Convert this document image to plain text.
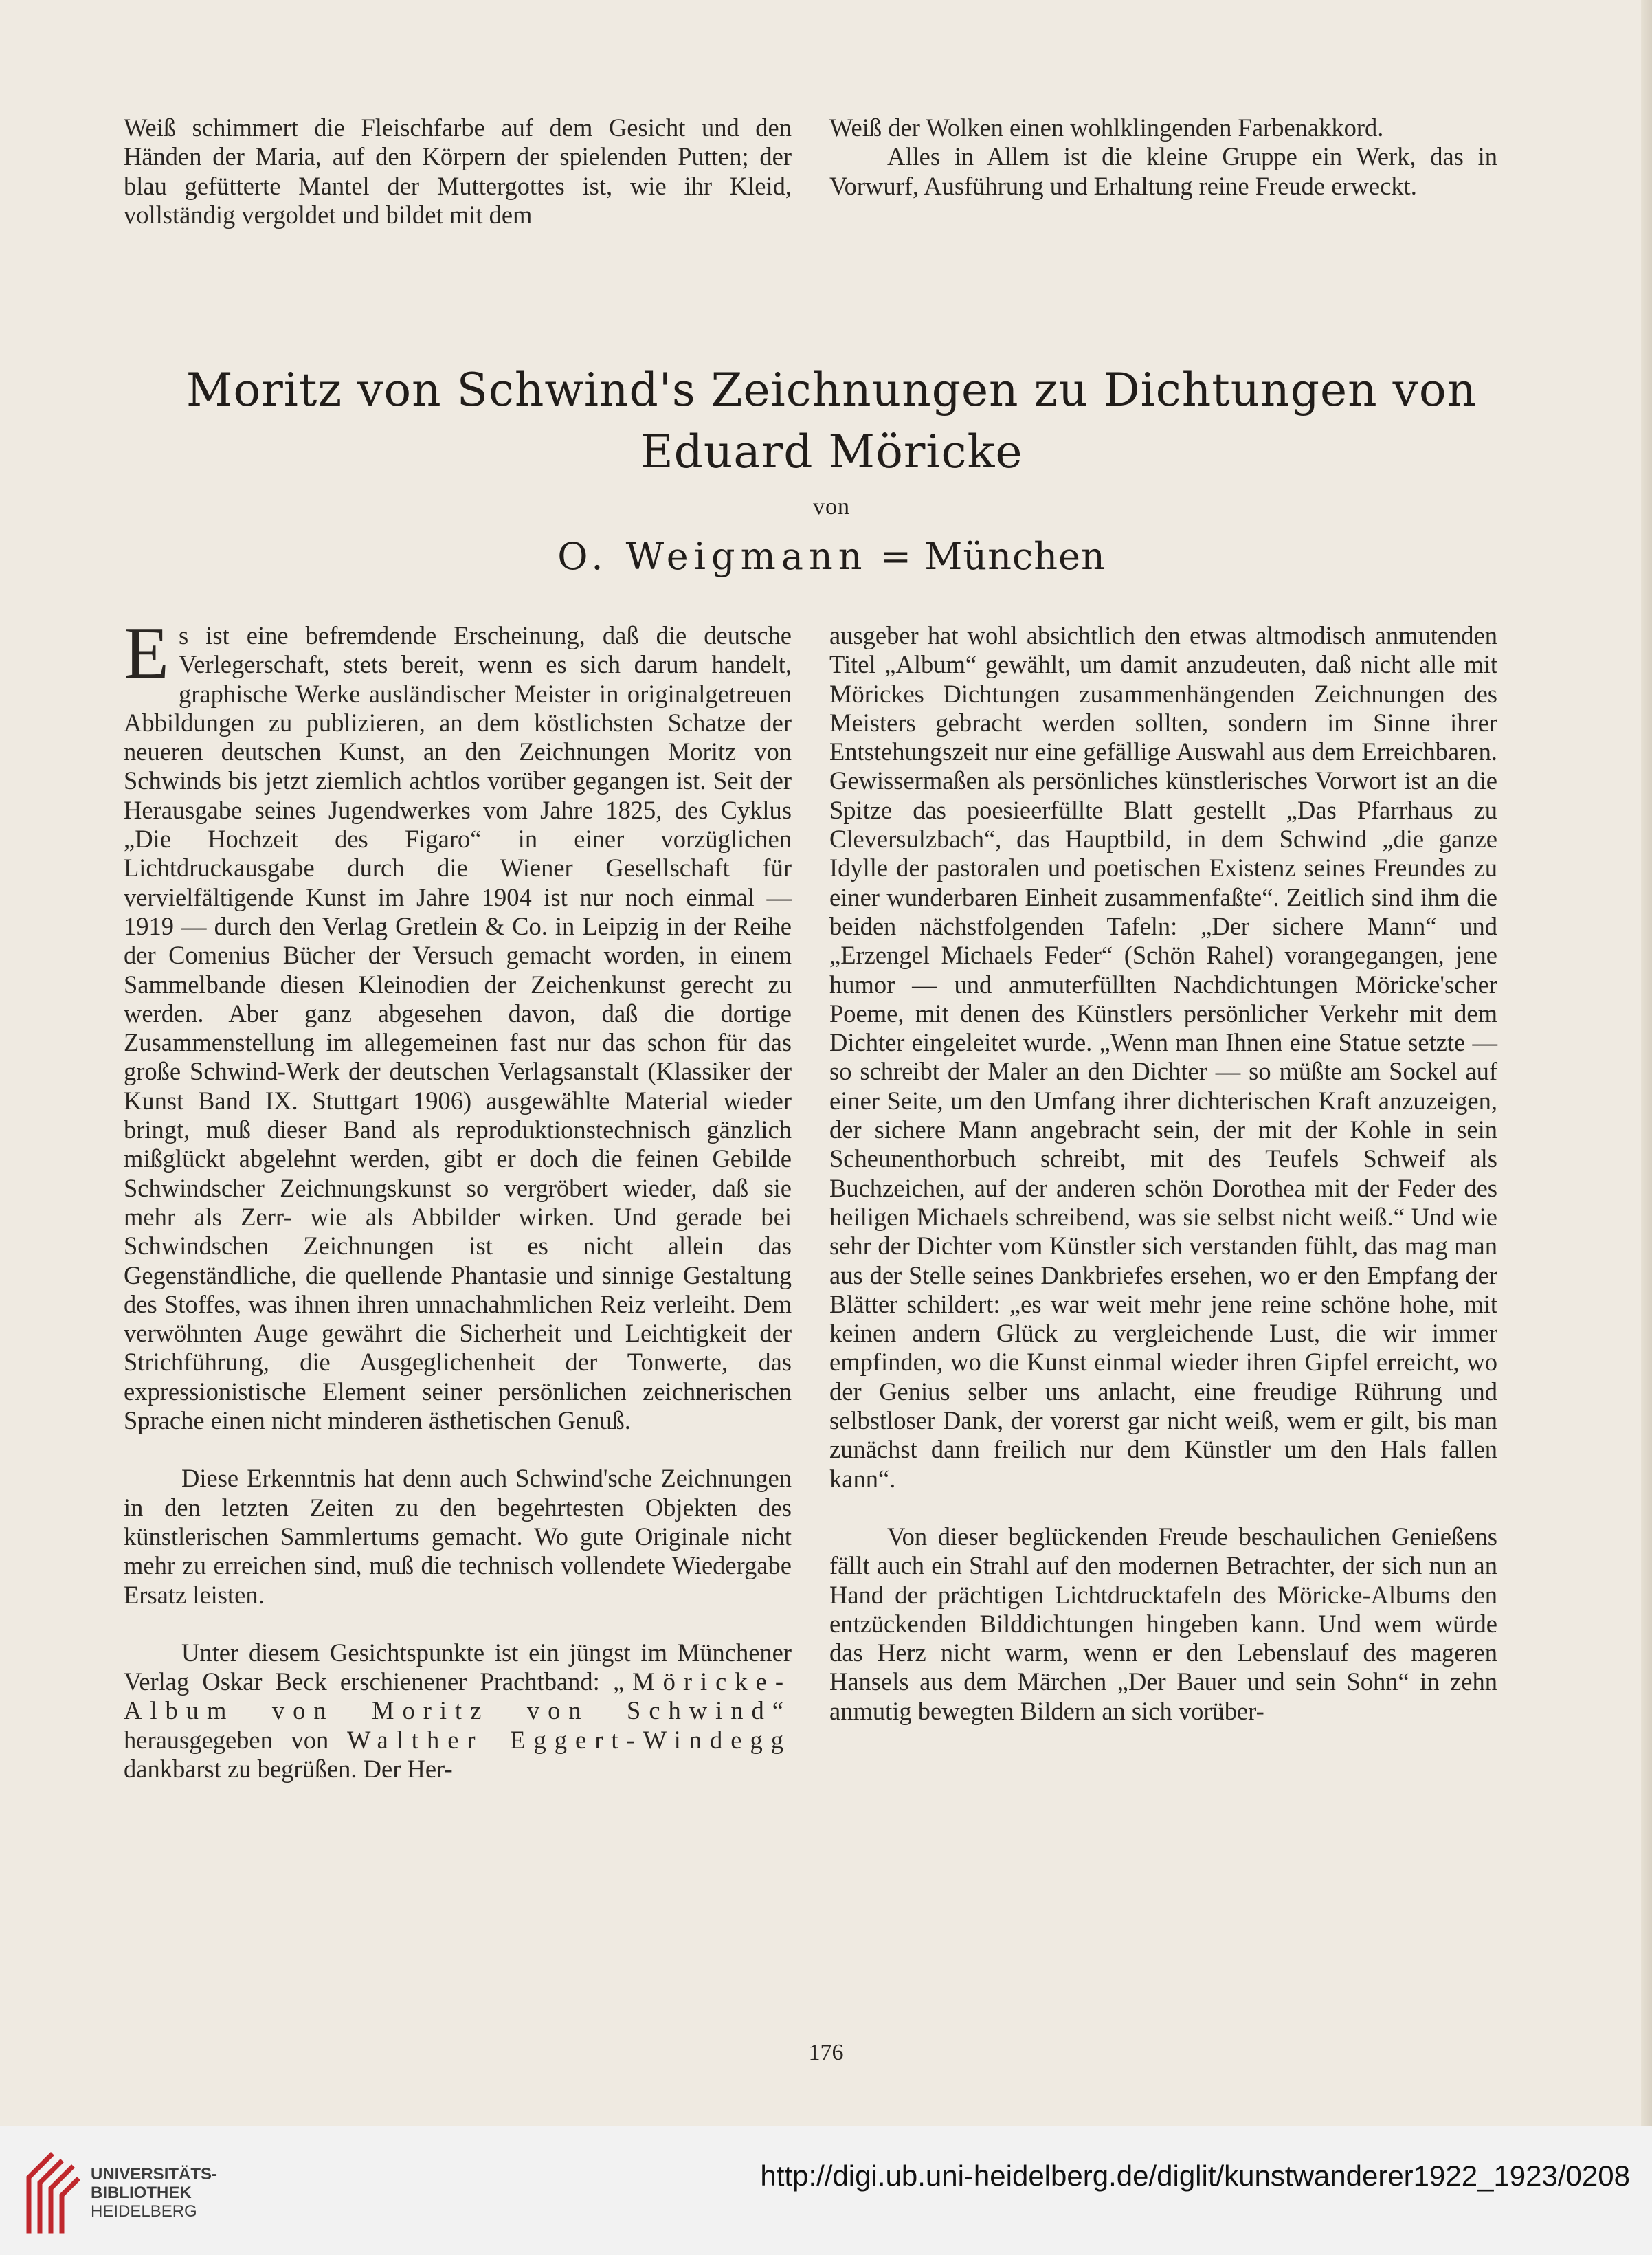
Weiß schimmert die Fleischfarbe auf dem Gesicht und den Händen der Maria, auf den Körpern der spielenden Putten; der blau gefütterte Mantel der Muttergottes ist, wie ihr Kleid, vollständig vergoldet und bildet mit dem

Weiß der Wolken einen wohlklingenden Farbenakkord.

Alles in Allem ist die kleine Gruppe ein Werk, das in Vorwurf, Ausführung und Erhaltung reine Freude erweckt.

Moritz von Schwind's Zeichnungen zu Dichtungen von
Eduard Möricke
von
O. Weigmann = München

Es ist eine befremdende Erscheinung, daß die deutsche Verlegerschaft, stets bereit, wenn es sich darum handelt, graphische Werke ausländischer Meister in originalgetreuen Abbildungen zu publizieren, an dem köstlichsten Schatze der neueren deutschen Kunst, an den Zeichnungen Moritz von Schwinds bis jetzt ziemlich achtlos vorüber gegangen ist. Seit der Herausgabe seines Jugendwerkes vom Jahre 1825, des Cyklus „Die Hochzeit des Figaro“ in einer vorzüglichen Lichtdruckausgabe durch die Wiener Gesellschaft für vervielfältigende Kunst im Jahre 1904 ist nur noch einmal — 1919 — durch den Verlag Gretlein & Co. in Leipzig in der Reihe der Comenius Bücher der Versuch gemacht worden, in einem Sammelbande diesen Kleinodien der Zeichenkunst gerecht zu werden. Aber ganz abgesehen davon, daß die dortige Zusammenstellung im allegemeinen fast nur das schon für das große Schwind-Werk der deutschen Verlagsanstalt (Klassiker der Kunst Band IX. Stuttgart 1906) ausgewählte Material wieder bringt, muß dieser Band als reproduktionstechnisch gänzlich mißglückt abgelehnt werden, gibt er doch die feinen Gebilde Schwindscher Zeichnungskunst so vergröbert wieder, daß sie mehr als Zerr- wie als Abbilder wirken. Und gerade bei Schwindschen Zeichnungen ist es nicht allein das Gegenständliche, die quellende Phantasie und sinnige Gestaltung des Stoffes, was ihnen ihren unnachahmlichen Reiz verleiht. Dem verwöhnten Auge gewährt die Sicherheit und Leichtigkeit der Strichführung, die Ausgeglichenheit der Tonwerte, das expressionistische Element seiner persönlichen zeichnerischen Sprache einen nicht minderen ästhetischen Genuß.

Diese Erkenntnis hat denn auch Schwind'sche Zeichnungen in den letzten Zeiten zu den begehrtesten Objekten des künstlerischen Sammlertums gemacht. Wo gute Originale nicht mehr zu erreichen sind, muß die technisch vollendete Wiedergabe Ersatz leisten.

Unter diesem Gesichtspunkte ist ein jüngst im Münchener Verlag Oskar Beck erschienener Prachtband: „Möricke-Album von Moritz von Schwind“ herausgegeben von Walther Eggert-Windegg dankbarst zu begrüßen. Der Her-

ausgeber hat wohl absichtlich den etwas altmodisch anmutenden Titel „Album“ gewählt, um damit anzudeuten, daß nicht alle mit Mörickes Dichtungen zusammenhängenden Zeichnungen des Meisters gebracht werden sollten, sondern im Sinne ihrer Entstehungszeit nur eine gefällige Auswahl aus dem Erreichbaren. Gewissermaßen als persönliches künstlerisches Vorwort ist an die Spitze das poesieerfüllte Blatt gestellt „Das Pfarrhaus zu Cleversulzbach“, das Hauptbild, in dem Schwind „die ganze Idylle der pastoralen und poetischen Existenz seines Freundes zu einer wunderbaren Einheit zusammenfaßte“. Zeitlich sind ihm die beiden nächstfolgenden Tafeln: „Der sichere Mann“ und „Erzengel Michaels Feder“ (Schön Rahel) vorangegangen, jene humor — und anmuterfüllten Nachdichtungen Möricke'scher Poeme, mit denen des Künstlers persönlicher Verkehr mit dem Dichter eingeleitet wurde. „Wenn man Ihnen eine Statue setzte — so schreibt der Maler an den Dichter — so müßte am Sockel auf einer Seite, um den Umfang ihrer dichterischen Kraft anzuzeigen, der sichere Mann angebracht sein, der mit der Kohle in sein Scheunenthorbuch schreibt, mit des Teufels Schweif als Buchzeichen, auf der anderen schön Dorothea mit der Feder des heiligen Michaels schreibend, was sie selbst nicht weiß.“ Und wie sehr der Dichter vom Künstler sich verstanden fühlt, das mag man aus der Stelle seines Dankbriefes ersehen, wo er den Empfang der Blätter schildert: „es war weit mehr jene reine schöne hohe, mit keinen andern Glück zu vergleichende Lust, die wir immer empfinden, wo die Kunst einmal wieder ihren Gipfel erreicht, wo der Genius selber uns anlacht, eine freudige Rührung und selbstloser Dank, der vorerst gar nicht weiß, wem er gilt, bis man zunächst dann freilich nur dem Künstler um den Hals fallen kann“.

Von dieser beglückenden Freude beschaulichen Genießens fällt auch ein Strahl auf den modernen Betrachter, der sich nun an Hand der prächtigen Lichtdrucktafeln des Möricke-Albums den entzückenden Bilddichtungen hingeben kann. Und wem würde das Herz nicht warm, wenn er den Lebenslauf des mageren Hansels aus dem Märchen „Der Bauer und sein Sohn“ in zehn anmutig bewegten Bildern an sich vorüber-

176
UNIVERSITÄTS-
BIBLIOTHEK
HEIDELBERG
http://digi.ub.uni-heidelberg.de/diglit/kunstwanderer1922_1923/0208
